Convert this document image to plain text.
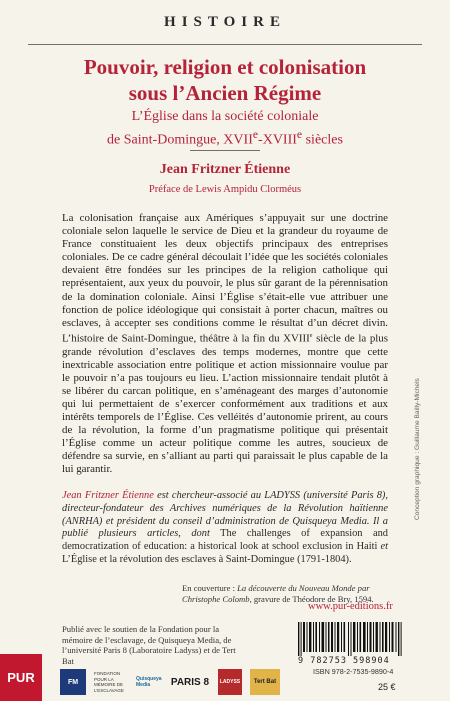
HISTOIRE
Pouvoir, religion et colonisation
sous l’Ancien Régime
L’Église dans la société coloniale
de Saint-Domingue, XVIIe-XVIIIe siècles
Jean Fritzner Étienne
Préface de Lewis Ampidu Clorméus

La colonisation française aux Amériques s’appuyait sur une doctrine coloniale selon laquelle le service de Dieu et la grandeur du royaume de France constituaient les deux objectifs principaux des entreprises coloniales. De ce cadre général découlait l’idée que les sociétés coloniales devaient être fondées sur les principes de la religion catholique qui représentaient, aux yeux du pouvoir, le plus sûr garant de la pérennisation de la domination coloniale. Ainsi l’Église s’était-elle vue attribuer une fonction de police idéologique qui consistait à porter chacun, maîtres ou esclaves, à accepter ses conditions comme le résultat d’un décret divin. L’histoire de Saint-Domingue, théâtre à la fin du XVIIIe siècle de la plus grande révolution d’esclaves des temps modernes, montre que cette inextricable association entre politique et action missionnaire voulue par le pouvoir n’a pas toujours eu lieu. L’action missionnaire tendait plutôt à se libérer du carcan politique, en s’aménageant des marges d’autonomie qui lui permettaient de s’exercer conformément aux traditions et aux intérêts temporels de l’Église. Ces velléités d’autonomie prirent, au cours de la révolution, la forme d’un pragmatisme politique qui présentait l’Église comme un acteur politique comme les autres, soucieux de défendre sa survie, en s’alliant au parti qui paraissait le plus capable de la lui garantir.

Jean Fritzner Étienne est chercheur-associé au LADYSS (université Paris 8), directeur-fondateur des Archives numériques de la Révolution haïtienne (ANRHA) et président du conseil d’administration de Quisqueya Media. Il a publié plusieurs articles, dont The challenges of expansion and democratization of education: a historical look at school exclusion in Haiti et L’Église et la révolution des esclaves à Saint-Domingue (1791-1804).
En couverture : La découverte du Nouveau Monde par Christophe Colomb, gravure de Théodore de Bry, 1594.
Publié avec le soutien de la Fondation pour la mémoire de l’esclavage, de Quisqueya Media, de l’université Paris 8 (Laboratoire Ladyss) et de Tert Bat
www.pur-editions.fr
9 782753 598904
ISBN 978-2-7535-9890-4
25 €
Conception graphique : Guillaume Bailly-Michels
PUR	FM
FONDATION POUR LA MÉMOIRE DE L’ESCLAVAGE
Quisqueya Media	PARIS 8	LADYSS	Tert Bat
